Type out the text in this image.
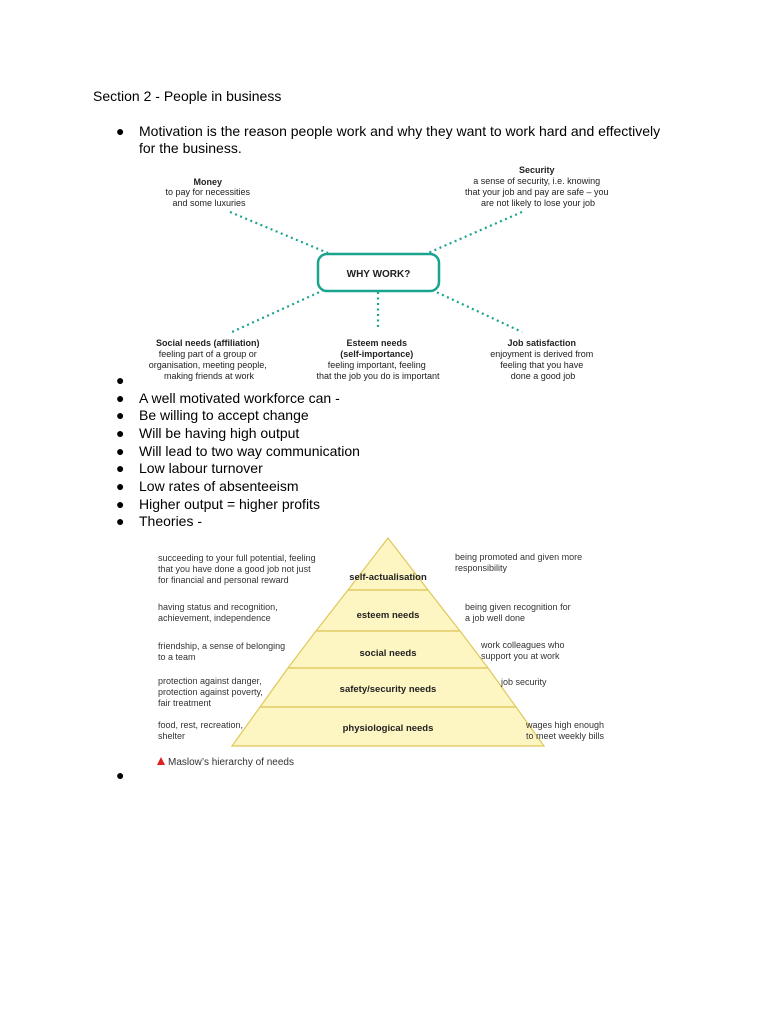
Section 2 - People in business
● Motivation is the reason people work and why they want to work hard and effectively
for the business.
WHY WORK?
Money to pay for necessities and some luxuries
Security a sense of security, i.e. knowing that your job and pay are safe – you are not likely to lose your job
Social needs (affiliation) feeling part of a group or organisation, meeting people, making friends at work
Esteem needs (self-importance) feeling important, feeling that the job you do is important
Job satisfaction enjoyment is derived from feeling that you have done a good job
●
● A well motivated workforce can -
● Be willing to accept change
● Will be having high output
● Will lead to two way communication
● Low labour turnover
● Low rates of absenteeism
● Higher output = higher profits
● Theories -
self-actualisation
esteem needs
social needs
safety/security needs
physiological needs
succeeding to your full potential, feeling that you have done a good job not just for financial and personal reward
having status and recognition, achievement, independence
friendship, a sense of belonging to a team
protection against danger, protection against poverty, fair treatment
food, rest, recreation, shelter
being promoted and given more responsibility
being given recognition for a job well done
work colleagues who support you at work
job security
wages high enough to meet weekly bills
Maslow’s hierarchy of needs
●
